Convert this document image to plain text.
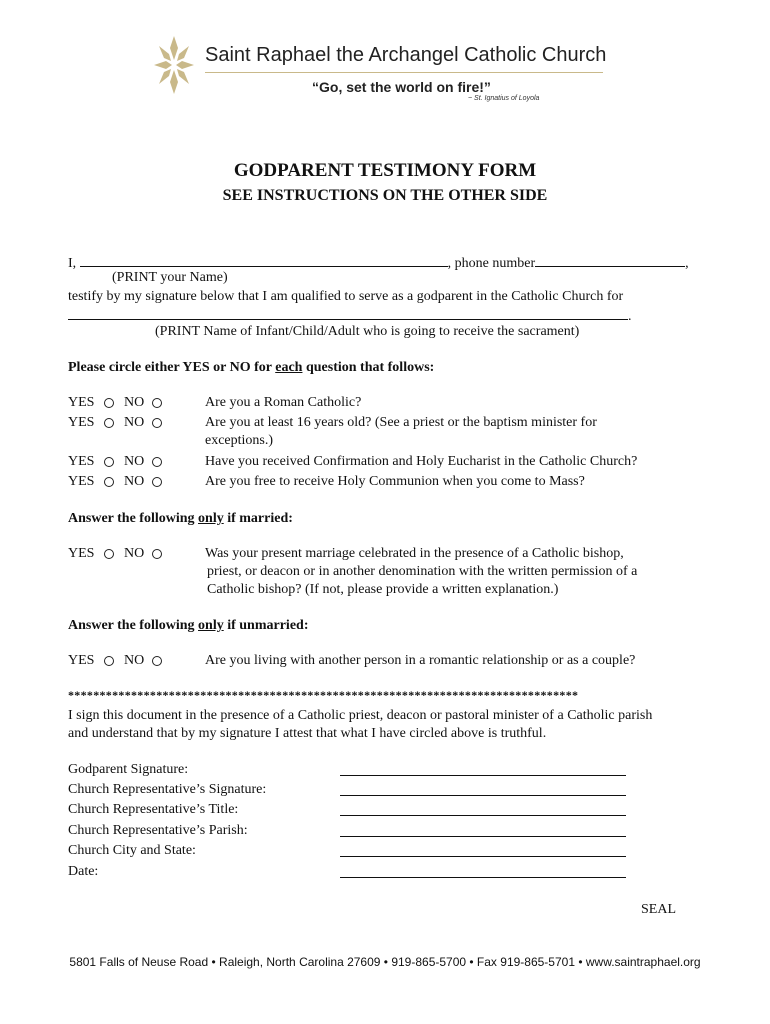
Saint Raphael the Archangel Catholic Church
“Go, set the world on fire!”
~ St. Ignatius of Loyola
GODPARENT TESTIMONY FORM
SEE INSTRUCTIONS ON THE OTHER SIDE
I,	, phone number	,
(PRINT your Name)
testify by my signature below that I am qualified to serve as a godparent in the Catholic Church for
.
(PRINT Name of Infant/Child/Adult who is going to receive the sacrament)
Please circle either YES or NO for each question that follows:
YES NO	Are you a Roman Catholic?
YES NO	Are you at least 16 years old? (See a priest or the baptism minister for
exceptions.)
YES NO	Have you received Confirmation and Holy Eucharist in the Catholic Church?
YES NO	Are you free to receive Holy Communion when you come to Mass?
Answer the following only if married:
YES NO	Was your present marriage celebrated in the presence of a Catholic bishop,
priest, or deacon or in another denomination with the written permission of a
Catholic bishop? (If not, please provide a written explanation.)
Answer the following only if unmarried:
YES NO	Are you living with another person in a romantic relationship or as a couple?
*********************************************************************************
I sign this document in the presence of a Catholic priest, deacon or pastoral minister of a Catholic parish
and understand that by my signature I attest that what I have circled above is truthful.
Godparent Signature:
Church Representative’s Signature:
Church Representative’s Title:
Church Representative’s Parish:
Church City and State:
Date:
SEAL
5801 Falls of Neuse Road • Raleigh, North Carolina 27609 • 919-865-5700 • Fax 919-865-5701 • www.saintraphael.org
